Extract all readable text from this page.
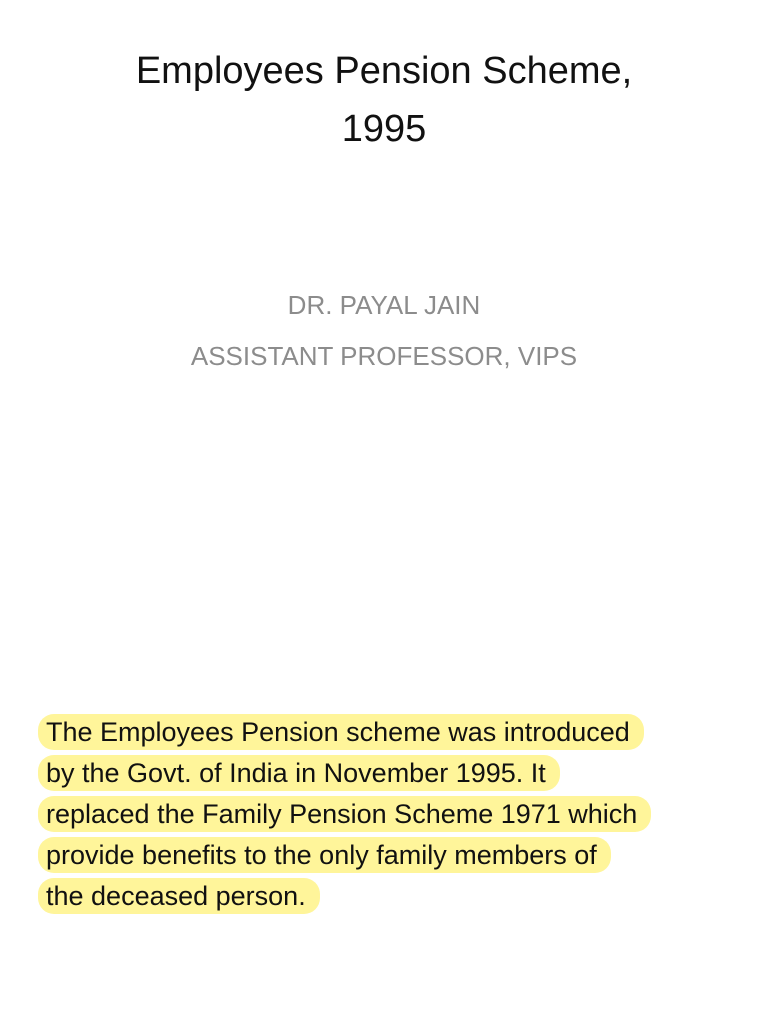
Employees Pension Scheme,
1995
DR. PAYAL JAIN
ASSISTANT PROFESSOR, VIPS
The Employees Pension scheme was introduced
by the Govt. of India in November 1995. It
replaced the Family Pension Scheme 1971 which
provide benefits to the only family members of
the deceased person.
